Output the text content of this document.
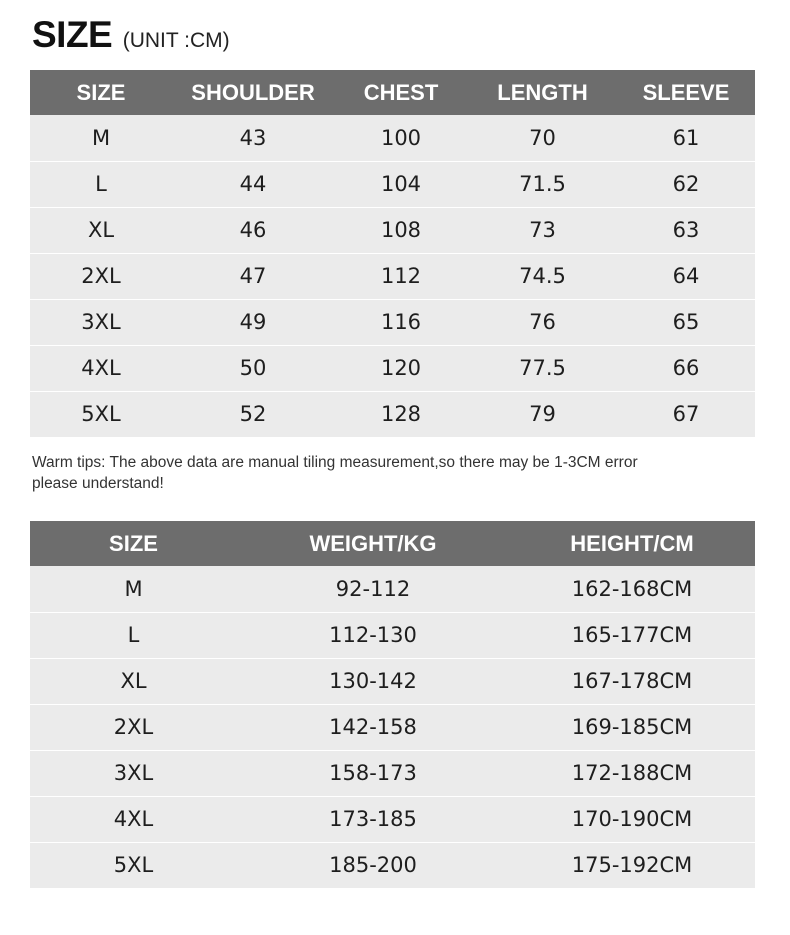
SIZE (UNIT :CM)
SIZE	SHOULDER	CHEST	LENGTH	SLEEVE
M	43	100	70	61
L	44	104	71.5	62
XL	46	108	73	63
2XL	47	112	74.5	64
3XL	49	116	76	65
4XL	50	120	77.5	66
5XL	52	128	79	67
Warm tips: The above data are manual tiling measurement,so there may be 1-3CM error
please understand!
SIZE	WEIGHT/KG	HEIGHT/CM
M	92-112	162-168CM
L	112-130	165-177CM
XL	130-142	167-178CM
2XL	142-158	169-185CM
3XL	158-173	172-188CM
4XL	173-185	170-190CM
5XL	185-200	175-192CM
